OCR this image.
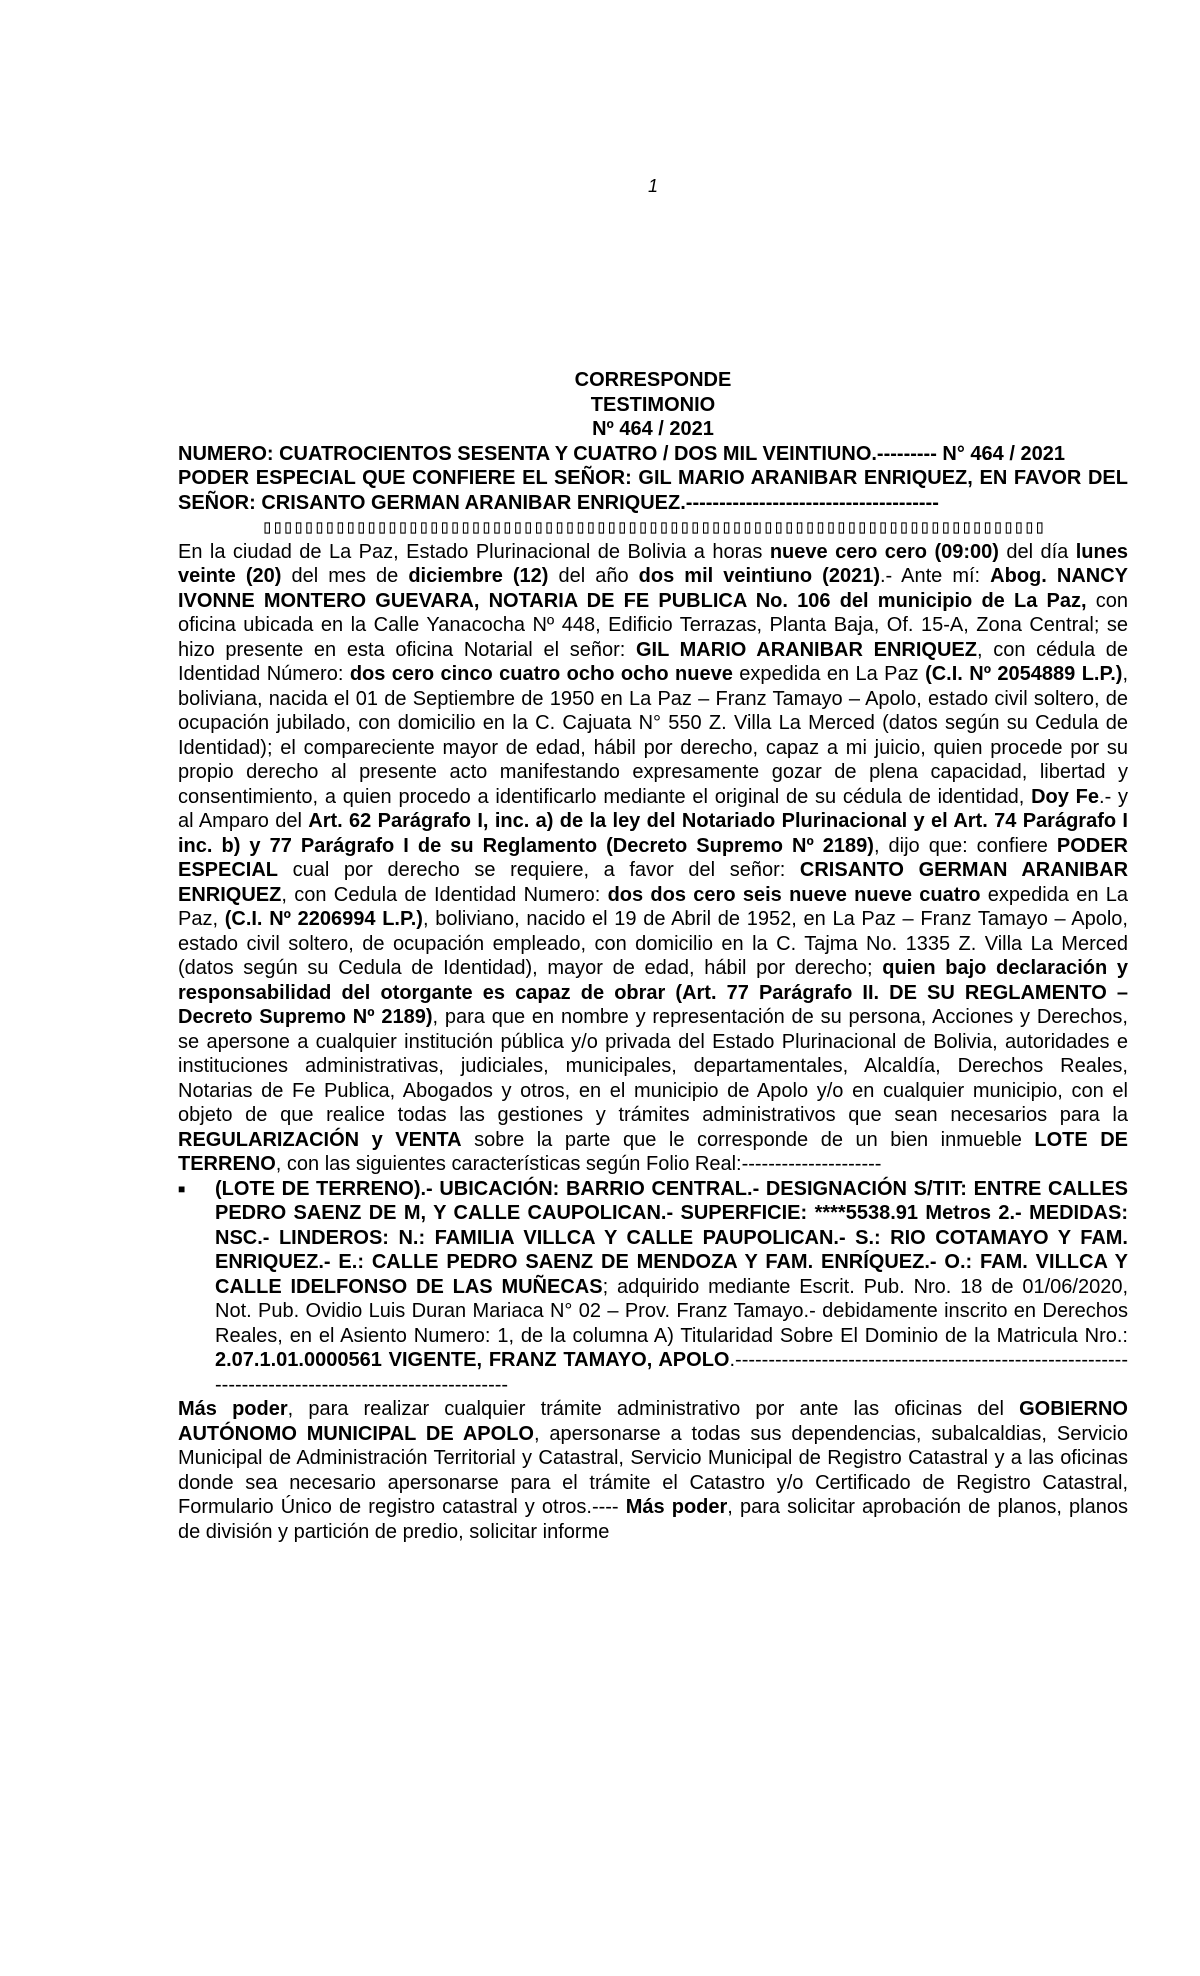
1
CORRESPONDE
TESTIMONIO
Nº 464 / 2021
NUMERO: CUATROCIENTOS SESENTA Y CUATRO / DOS MIL VEINTIUNO.--------- N° 464 / 2021
PODER ESPECIAL QUE CONFIERE EL SEÑOR: GIL MARIO ARANIBAR ENRIQUEZ, EN FAVOR DEL SEÑOR: CRISANTO GERMAN ARANIBAR ENRIQUEZ.--------------------------------------
▯▯▯▯▯▯▯▯▯▯▯▯▯▯▯▯▯▯▯▯▯▯▯▯▯▯▯▯▯▯▯▯▯▯▯▯▯▯▯▯▯▯▯▯▯▯▯▯▯▯▯▯▯▯▯▯▯▯▯▯▯▯▯▯▯▯▯▯▯▯▯▯▯▯▯
En la ciudad de La Paz, Estado Plurinacional de Bolivia a horas nueve cero cero (09:00) del día lunes veinte (20) del mes de diciembre (12) del año dos mil veintiuno (2021).- Ante mí: Abog. NANCY IVONNE MONTERO GUEVARA, NOTARIA DE FE PUBLICA No. 106 del municipio de La Paz, con oficina ubicada en la Calle Yanacocha Nº 448, Edificio Terrazas, Planta Baja, Of. 15-A, Zona Central; se hizo presente en esta oficina Notarial el señor: GIL MARIO ARANIBAR ENRIQUEZ, con cédula de Identidad Número: dos cero cinco cuatro ocho ocho nueve expedida en La Paz (C.I. Nº 2054889 L.P.), boliviana, nacida el 01 de Septiembre de 1950 en La Paz – Franz Tamayo – Apolo, estado civil soltero, de ocupación jubilado, con domicilio en la C. Cajuata N° 550 Z. Villa La Merced (datos según su Cedula de Identidad); el compareciente mayor de edad, hábil por derecho, capaz a mi juicio, quien procede por su propio derecho al presente acto manifestando expresamente gozar de plena capacidad, libertad y consentimiento, a quien procedo a identificarlo mediante el original de su cédula de identidad, Doy Fe.- y al Amparo del Art. 62 Parágrafo I, inc. a) de la ley del Notariado Plurinacional y el Art. 74 Parágrafo I inc. b) y 77 Parágrafo I de su Reglamento (Decreto Supremo Nº 2189), dijo que: confiere PODER ESPECIAL cual por derecho se requiere, a favor del señor: CRISANTO GERMAN ARANIBAR ENRIQUEZ, con Cedula de Identidad Numero: dos dos cero seis nueve nueve cuatro expedida en La Paz, (C.I. Nº 2206994 L.P.), boliviano, nacido el 19 de Abril de 1952, en La Paz – Franz Tamayo – Apolo, estado civil soltero, de ocupación empleado, con domicilio en la C. Tajma No. 1335 Z. Villa La Merced (datos según su Cedula de Identidad), mayor de edad, hábil por derecho; quien bajo declaración y responsabilidad del otorgante es capaz de obrar (Art. 77 Parágrafo II. DE SU REGLAMENTO – Decreto Supremo Nº 2189), para que en nombre y representación de su persona, Acciones y Derechos, se apersone a cualquier institución pública y/o privada del Estado Plurinacional de Bolivia, autoridades e instituciones administrativas, judiciales, municipales, departamentales, Alcaldía, Derechos Reales, Notarias de Fe Publica, Abogados y otros, en el municipio de Apolo y/o en cualquier municipio, con el objeto de que realice todas las gestiones y trámites administrativos que sean necesarios para la REGULARIZACIÓN y VENTA sobre la parte que le corresponde de un bien inmueble LOTE DE TERRENO, con las siguientes características según Folio Real:---------------------
■	(LOTE DE TERRENO).- UBICACIÓN: BARRIO CENTRAL.- DESIGNACIÓN S/TIT: ENTRE CALLES PEDRO SAENZ DE M, Y CALLE CAUPOLICAN.- SUPERFICIE: ****5538.91 Metros 2.- MEDIDAS: NSC.- LINDEROS: N.: FAMILIA VILLCA Y CALLE PAUPOLICAN.- S.: RIO COTAMAYO Y FAM. ENRIQUEZ.- E.: CALLE PEDRO SAENZ DE MENDOZA Y FAM. ENRÍQUEZ.- O.: FAM. VILLCA Y CALLE IDELFONSO DE LAS MUÑECAS; adquirido mediante Escrit. Pub. Nro. 18 de 01/06/2020, Not. Pub. Ovidio Luis Duran Mariaca N° 02 – Prov. Franz Tamayo.- debidamente inscrito en Derechos Reales, en el Asiento Numero: 1, de la columna A) Titularidad Sobre El Dominio de la Matricula Nro.: 2.07.1.01.0000561 VIGENTE, FRANZ TAMAYO, APOLO.-------------------------------------------------------------------------------------------------------
Más poder, para realizar cualquier trámite administrativo por ante las oficinas del GOBIERNO AUTÓNOMO MUNICIPAL DE APOLO, apersonarse a todas sus dependencias, subalcaldias, Servicio Municipal de Administración Territorial y Catastral, Servicio Municipal de Registro Catastral y a las oficinas donde sea necesario apersonarse para el trámite el Catastro y/o Certificado de Registro Catastral, Formulario Único de registro catastral y otros.---- Más poder, para solicitar aprobación de planos, planos de división y partición de predio, solicitar informe
